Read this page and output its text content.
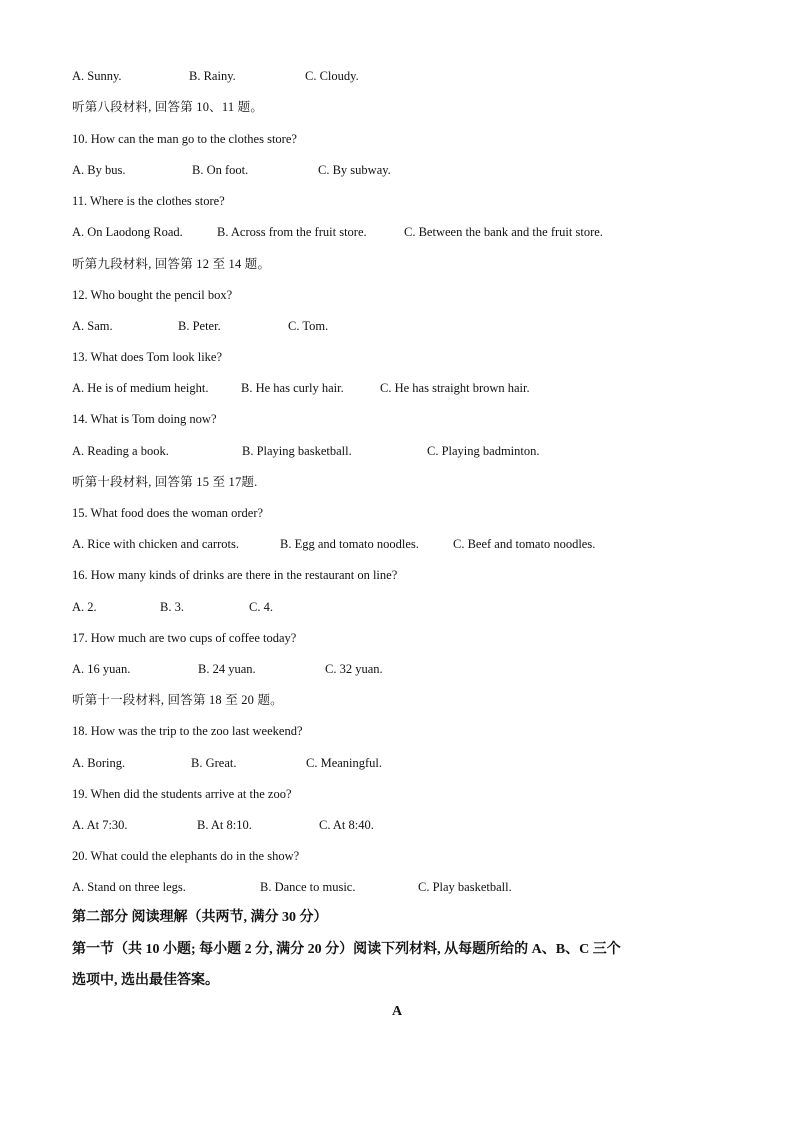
A. Sunny.	B. Rainy.	C. Cloudy.
听第八段材料, 回答第 10、11 题。
10. How can the man go to the clothes store?
A. By bus.	B. On foot.	C. By subway.
11. Where is the clothes store?
A. On Laodong Road.	B. Across from the fruit store.	C. Between the bank and the fruit store.
听第九段材料, 回答第 12 至 14 题。
12. Who bought the pencil box?
A. Sam.	B. Peter.	C. Tom.
13. What does Tom look like?
A. He is of medium height.	B. He has curly hair.	C. He has straight brown hair.
14. What is Tom doing now?
A. Reading a book.	B. Playing basketball.	C. Playing badminton.
听第十段材料, 回答第 15 至 17题.
15. What food does the woman order?
A. Rice with chicken and carrots.	B. Egg and tomato noodles.	C. Beef and tomato noodles.
16. How many kinds of drinks are there in the restaurant on line?
A. 2.	B. 3.	C. 4.
17. How much are two cups of coffee today?
A. 16 yuan.	B. 24 yuan.	C. 32 yuan.
听第十一段材料, 回答第 18 至 20 题。
18. How was the trip to the zoo last weekend?
A. Boring.	B. Great.	C. Meaningful.
19. When did the students arrive at the zoo?
A. At 7:30.	B. At 8:10.	C. At 8:40.
20. What could the elephants do in the show?
A. Stand on three legs.	B. Dance to music.	C. Play basketball.
第二部分 阅读理解（共两节, 满分 30 分）
第一节（共 10 小题; 每小题 2 分, 满分 20 分）阅读下列材料, 从每题所给的 A、B、C 三个
选项中, 选出最佳答案。
A
